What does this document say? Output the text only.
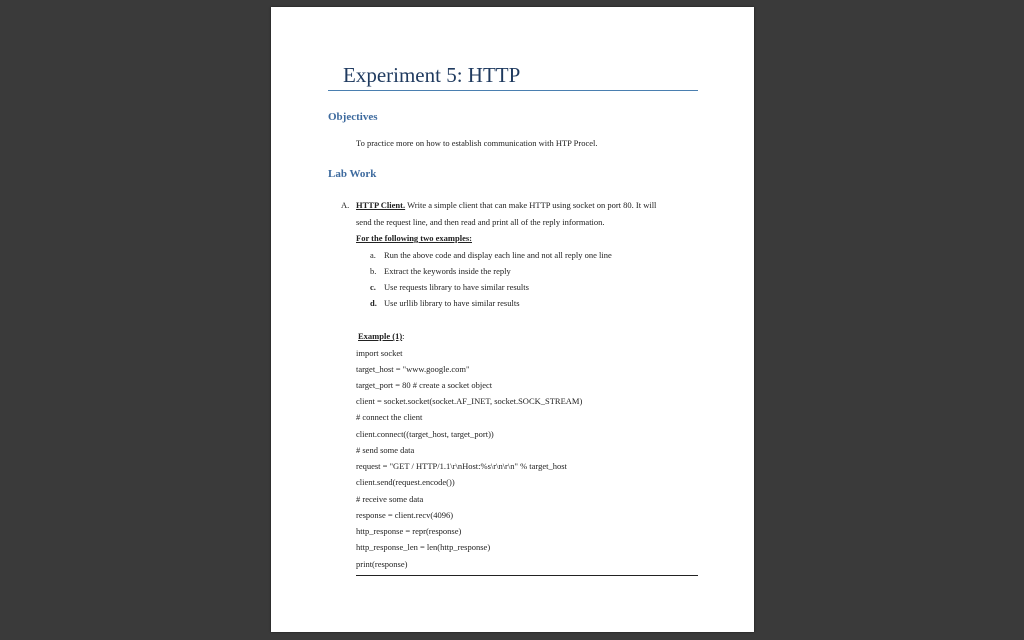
Experiment 5: HTTP
Objectives
To practice more on how to establish communication with HTP Procel.
Lab Work
A. HTTP Client. Write a simple client that can make HTTP using socket on port 80. It will
send the request line, and then read and print all of the reply information.
For the following two examples:
a. Run the above code and display each line and not all reply one line
b. Extract the keywords inside the reply
c. Use requests library to have similar results
d. Use urllib library to have similar results
Example (1):
import socket
target_host = "www.google.com"
target_port = 80 # create a socket object
client = socket.socket(socket.AF_INET, socket.SOCK_STREAM)
# connect the client
client.connect((target_host, target_port))
# send some data
request = "GET / HTTP/1.1\r\nHost:%s\r\n\r\n" % target_host
client.send(request.encode())
# receive some data
response = client.recv(4096)
http_response = repr(response)
http_response_len = len(http_response)
print(response)
